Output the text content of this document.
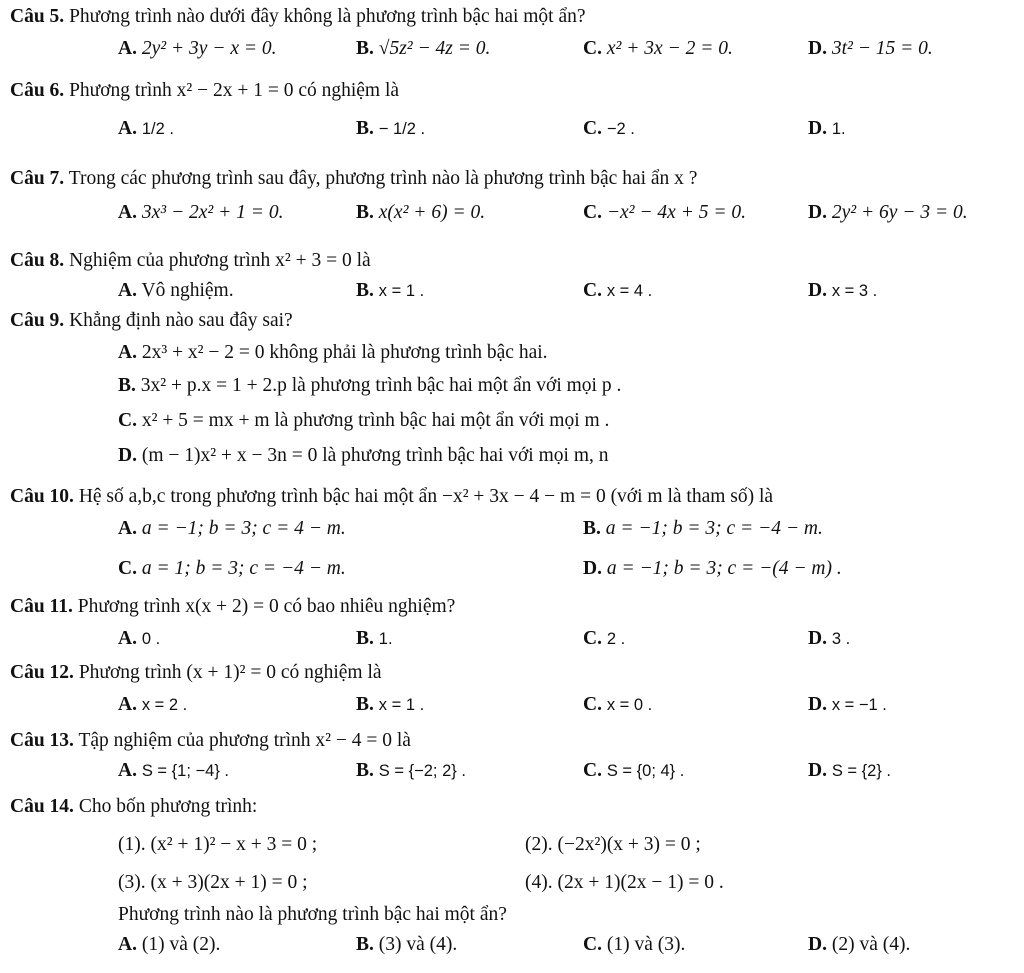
Câu 5. Phương trình nào dưới đây không là phương trình bậc hai một ẩn?
A. 2y² + 3y − x = 0.	B. √5z² − 4z = 0.	C. x² + 3x − 2 = 0.	D. 3t² − 15 = 0.
Câu 6. Phương trình x² − 2x + 1 = 0 có nghiệm là
A. 1/2 .	B. − 1/2 .	C. −2 .	D. 1.
Câu 7. Trong các phương trình sau đây, phương trình nào là phương trình bậc hai ẩn x ?
A. 3x³ − 2x² + 1 = 0.	B. x(x² + 6) = 0.	C. −x² − 4x + 5 = 0.	D. 2y² + 6y − 3 = 0.
Câu 8. Nghiệm của phương trình x² + 3 = 0 là
A. Vô nghiệm.	B. x = 1 .	C. x = 4 .	D. x = 3 .
Câu 9. Khẳng định nào sau đây sai?
A. 2x³ + x² − 2 = 0 không phải là phương trình bậc hai.
B. 3x² + p.x = 1 + 2.p là phương trình bậc hai một ẩn với mọi p .
C. x² + 5 = mx + m là phương trình bậc hai một ẩn với mọi m .
D. (m − 1)x² + x − 3n = 0 là phương trình bậc hai với mọi m, n
Câu 10. Hệ số a,b,c trong phương trình bậc hai một ẩn −x² + 3x − 4 − m = 0 (với m là tham số) là
A. a = −1; b = 3; c = 4 − m.	B. a = −1; b = 3; c = −4 − m.
C. a = 1; b = 3; c = −4 − m.	D. a = −1; b = 3; c = −(4 − m) .
Câu 11. Phương trình x(x + 2) = 0 có bao nhiêu nghiệm?
A. 0 .	B. 1.	C. 2 .	D. 3 .
Câu 12. Phương trình (x + 1)² = 0 có nghiệm là
A. x = 2 .	B. x = 1 .	C. x = 0 .	D. x = −1 .
Câu 13. Tập nghiệm của phương trình x² − 4 = 0 là
A. S = {1; −4} .	B. S = {−2; 2} .	C. S = {0; 4} .	D. S = {2} .
Câu 14. Cho bốn phương trình:
(1). (x² + 1)² − x + 3 = 0 ;	(2). (−2x²)(x + 3) = 0 ;
(3). (x + 3)(2x + 1) = 0 ;	(4). (2x + 1)(2x − 1) = 0 .
Phương trình nào là phương trình bậc hai một ẩn?
A. (1) và (2).	B. (3) và (4).	C. (1) và (3).	D. (2) và (4).
